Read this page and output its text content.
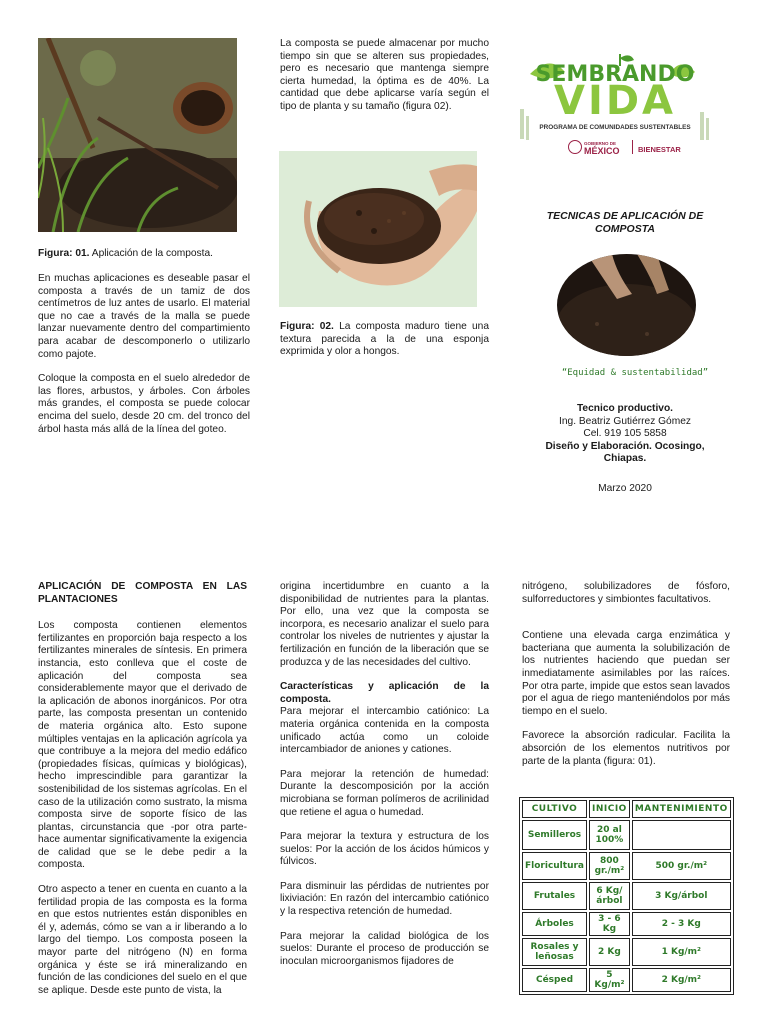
Figura: 01. Aplicación de la composta.

En muchas aplicaciones es deseable pasar el composta a través de un tamiz de dos centímetros de luz antes de usarlo. El material que no cae a través de la malla se puede lanzar nuevamente dentro del compartimiento para acabar de descomponerlo o utilizarlo como pajote.

Coloque la composta en el suelo alrededor de las flores, arbustos, y árboles. Con árboles más grandes, el composta se puede colocar encima del suelo, desde 20 cm. del tronco del árbol hasta más allá de la línea del goteo.

La composta se puede almacenar por mucho tiempo sin que se alteren sus propiedades, pero es necesario que mantenga siempre cierta humedad, la óptima es de 40%. La cantidad que debe aplicarse varía según el tipo de planta y su tamaño (figura 02).

Figura: 02. La composta maduro tiene una textura parecida a la de una esponja exprimida y olor a hongos.
SEMBRANDO
VIDA
PROGRAMA DE COMUNIDADES SUSTENTABLES
GOBIERNO DE
MÉXICO BIENESTAR
TECNICAS DE APLICACIÓN DE COMPOSTA
“Equidad & sustentabilidad”
Tecnico productivo.
Ing. Beatriz Gutiérrez Gómez
Cel. 919 105 5858
Diseño y Elaboración. Ocosingo,
Chiapas.
Marzo 2020

APLICACIÓN DE COMPOSTA EN LAS PLANTACIONES

Los composta contienen elementos fertilizantes en proporción baja respecto a los fertilizantes minerales de síntesis. En primera instancia, esto conlleva que el coste de aplicación del composta sea considerablemente mayor que el derivado de la aplicación de abonos inorgánicos. Por otra parte, las composta presentan un contenido de materia orgánica alto. Esto supone múltiples ventajas en la aplicación agrícola ya que contribuye a la mejora del medio edáfico (propiedades físicas, químicas y biológicas), hecho imprescindible para garantizar la sostenibilidad de los sistemas agrícolas. En el caso de la utilización como sustrato, la misma composta sirve de soporte físico de las plantas, circunstancia que -por otra parte- hace aumentar significativamente la exigencia de calidad que se le debe pedir a la composta.

Otro aspecto a tener en cuenta en cuanto a la fertilidad propia de las composta es la forma en que estos nutrientes están disponibles en él y, además, cómo se van a ir liberando a lo largo del tiempo. Los composta poseen la mayor parte del nitrógeno (N) en forma orgánica y éste se irá mineralizando en función de las condiciones del suelo en el que se aplique. Desde este punto de vista, la

origina incertidumbre en cuanto a la disponibilidad de nutrientes para la plantas. Por ello, una vez que la composta se incorpora, es necesario analizar el suelo para controlar los niveles de nutrientes y ajustar la fertilización en función de la liberación que se produzca y de las necesidades del cultivo.

Características y aplicación de la composta.

Para mejorar el intercambio catiónico: La materia orgánica contenida en la composta unificado actúa como un coloide intercambiador de aniones y cationes.

Para mejorar la retención de humedad: Durante la descomposición por la acción microbiana se forman polímeros de acrilinidad que retiene el agua o humedad.

Para mejorar la textura y estructura de los suelos: Por la acción de los ácidos húmicos y fúlvicos.

Para disminuir las pérdidas de nutrientes por lixiviación: En razón del intercambio catiónico y la respectiva retención de humedad.

Para mejorar la calidad biológica de los suelos: Durante el proceso de producción se inoculan microorganismos fijadores de

nitrógeno, solubilizadores de fósforo, sulforreductores y simbiontes facultativos.

Contiene una elevada carga enzimática y bacteriana que aumenta la solubilización de los nutrientes haciendo que puedan ser inmediatamente asimilables por las raíces. Por otra parte, impide que estos sean lavados por el agua de riego manteniéndolos por más tiempo en el suelo.

Favorece la absorción radicular. Facilita la absorción de los elementos nutritivos por parte de la planta (figura: 01).

CULTIVO	INICIO	MANTENIMIENTO
Semilleros	20 al 100%	
Floricultura	800 gr./m²	500 gr./m²
Frutales	6 Kg/árbol	3 Kg/árbol
Árboles	3 - 6 Kg	2 - 3 Kg
Rosales y leñosas	2 Kg	1 Kg/m²
Césped	5 Kg/m²	2 Kg/m²
